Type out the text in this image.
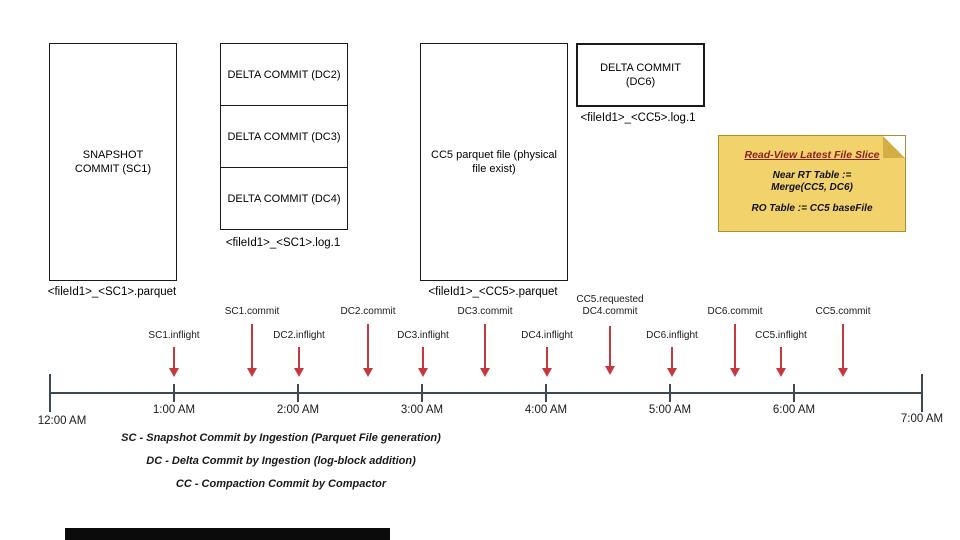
SNAPSHOT COMMIT (SC1)
<fileId1>_<SC1>.parquet
DELTA COMMIT (DC2)
DELTA COMMIT (DC3)
DELTA COMMIT (DC4)
<fileId1>_<SC1>.log.1
CC5 parquet file (physical file exist)
<fileId1>_<CC5>.parquet
DELTA COMMIT (DC6)
<fileId1>_<CC5>.log.1
Read-View Latest File Slice
Near RT Table :=
Merge(CC5, DC6)
RO Table := CC5 baseFile
12:00 AM
1:00 AM	2:00 AM	3:00 AM	4:00 AM	5:00 AM	6:00 AM
7:00 AM
SC1.inflight
SC1.commit
DC2.inflight
DC2.commit
DC3.inflight
DC3.commit
DC4.inflight
CC5.requested DC4.commit
DC6.inflight
DC6.commit
CC5.inflight
CC5.commit
SC - Snapshot Commit by Ingestion (Parquet File generation)
DC - Delta Commit by Ingestion (log-block addition)
CC - Compaction Commit by Compactor
